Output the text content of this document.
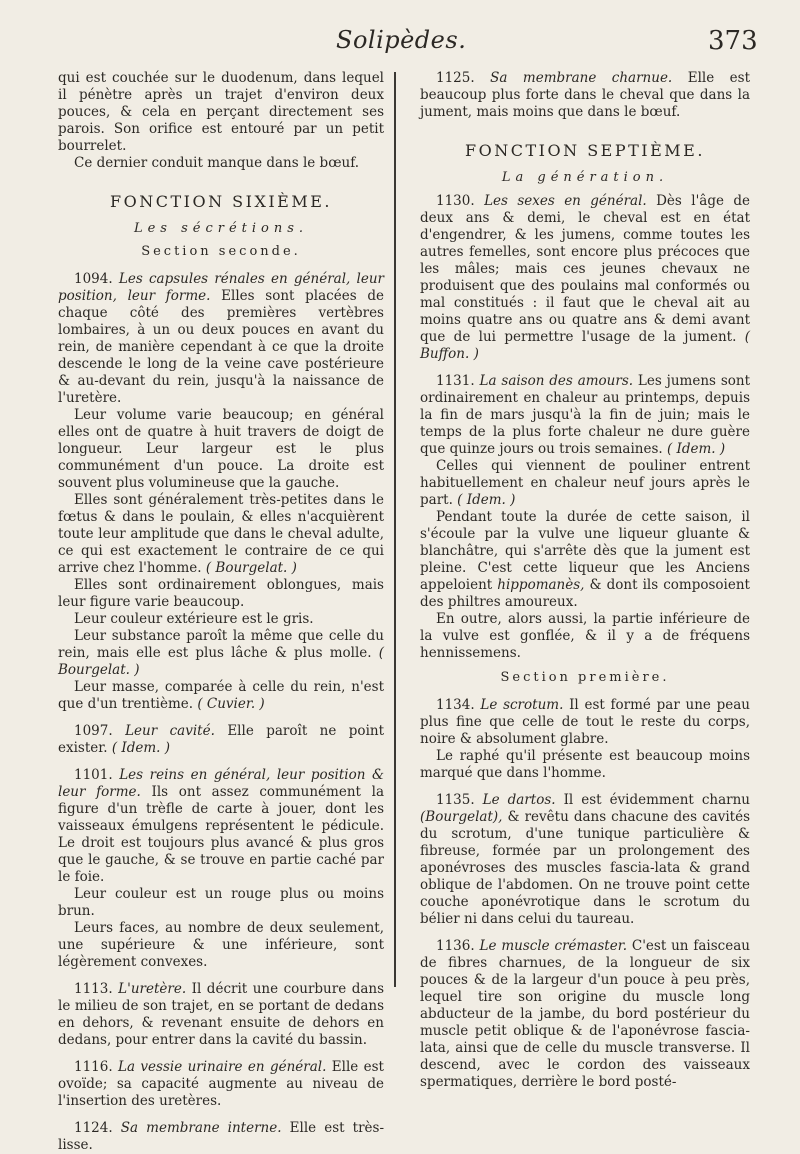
Solipèdes.	373

qui est couchée sur le duodenum, dans lequel il pénètre après un trajet d'environ deux pouces, & cela en perçant directement ses parois. Son orifice est entouré par un petit bourrelet.

Ce dernier conduit manque dans le bœuf.

FONCTION SIXIÈME.
Les sécrétions.
Section seconde.

1094. Les capsules rénales en général, leur position, leur forme. Elles sont placées de chaque côté des premières vertèbres lombaires, à un ou deux pouces en avant du rein, de manière cependant à ce que la droite descende le long de la veine cave postérieure & au-devant du rein, jusqu'à la naissance de l'uretère.

Leur volume varie beaucoup; en général elles ont de quatre à huit travers de doigt de longueur. Leur largeur est le plus communément d'un pouce. La droite est souvent plus volumineuse que la gauche.

Elles sont généralement très-petites dans le fœtus & dans le poulain, & elles n'acquièrent toute leur amplitude que dans le cheval adulte, ce qui est exactement le contraire de ce qui arrive chez l'homme. ( Bourgelat. )

Elles sont ordinairement oblongues, mais leur figure varie beaucoup.

Leur couleur extérieure est le gris.

Leur substance paroît la même que celle du rein, mais elle est plus lâche & plus molle. ( Bourgelat. )

Leur masse, comparée à celle du rein, n'est que d'un trentième. ( Cuvier. )

1097. Leur cavité. Elle paroît ne point exister. ( Idem. )

1101. Les reins en général, leur position & leur forme. Ils ont assez communément la figure d'un trèfle de carte à jouer, dont les vaisseaux émulgens représentent le pédicule. Le droit est toujours plus avancé & plus gros que le gauche, & se trouve en partie caché par le foie.

Leur couleur est un rouge plus ou moins brun.

Leurs faces, au nombre de deux seulement, une supérieure & une inférieure, sont légèrement convexes.

1113. L'uretère. Il décrit une courbure dans le milieu de son trajet, en se portant de dedans en dehors, & revenant ensuite de dehors en dedans, pour entrer dans la cavité du bassin.

1116. La vessie urinaire en général. Elle est ovoïde; sa capacité augmente au niveau de l'insertion des uretères.

1124. Sa membrane interne. Elle est très-lisse.

1125. Sa membrane charnue. Elle est beaucoup plus forte dans le cheval que dans la jument, mais moins que dans le bœuf.

FONCTION SEPTIÈME.
La génération.

1130. Les sexes en général. Dès l'âge de deux ans & demi, le cheval est en état d'engendrer, & les jumens, comme toutes les autres femelles, sont encore plus précoces que les mâles; mais ces jeunes chevaux ne produisent que des poulains mal conformés ou mal constitués : il faut que le cheval ait au moins quatre ans ou quatre ans & demi avant que de lui permettre l'usage de la jument. ( Buffon. )

1131. La saison des amours. Les jumens sont ordinairement en chaleur au printemps, depuis la fin de mars jusqu'à la fin de juin; mais le temps de la plus forte chaleur ne dure guère que quinze jours ou trois semaines. ( Idem. )

Celles qui viennent de pouliner entrent habituellement en chaleur neuf jours après le part. ( Idem. )

Pendant toute la durée de cette saison, il s'écoule par la vulve une liqueur gluante & blanchâtre, qui s'arrête dès que la jument est pleine. C'est cette liqueur que les Anciens appeloient hippomanès, & dont ils composoient des philtres amoureux.

En outre, alors aussi, la partie inférieure de la vulve est gonflée, & il y a de fréquens hennissemens.

Section première.

1134. Le scrotum. Il est formé par une peau plus fine que celle de tout le reste du corps, noire & absolument glabre.

Le raphé qu'il présente est beaucoup moins marqué que dans l'homme.

1135. Le dartos. Il est évidemment charnu (Bourgelat), & revêtu dans chacune des cavités du scrotum, d'une tunique particulière & fibreuse, formée par un prolongement des aponévroses des muscles fascia-lata & grand oblique de l'abdomen. On ne trouve point cette couche aponévrotique dans le scrotum du bélier ni dans celui du taureau.

1136. Le muscle crémaster. C'est un faisceau de fibres charnues, de la longueur de six pouces & de la largeur d'un pouce à peu près, lequel tire son origine du muscle long abducteur de la jambe, du bord postérieur du muscle petit oblique & de l'aponévrose fascia-lata, ainsi que de celle du muscle transverse. Il descend, avec le cordon des vaisseaux spermatiques, derrière le bord posté-
